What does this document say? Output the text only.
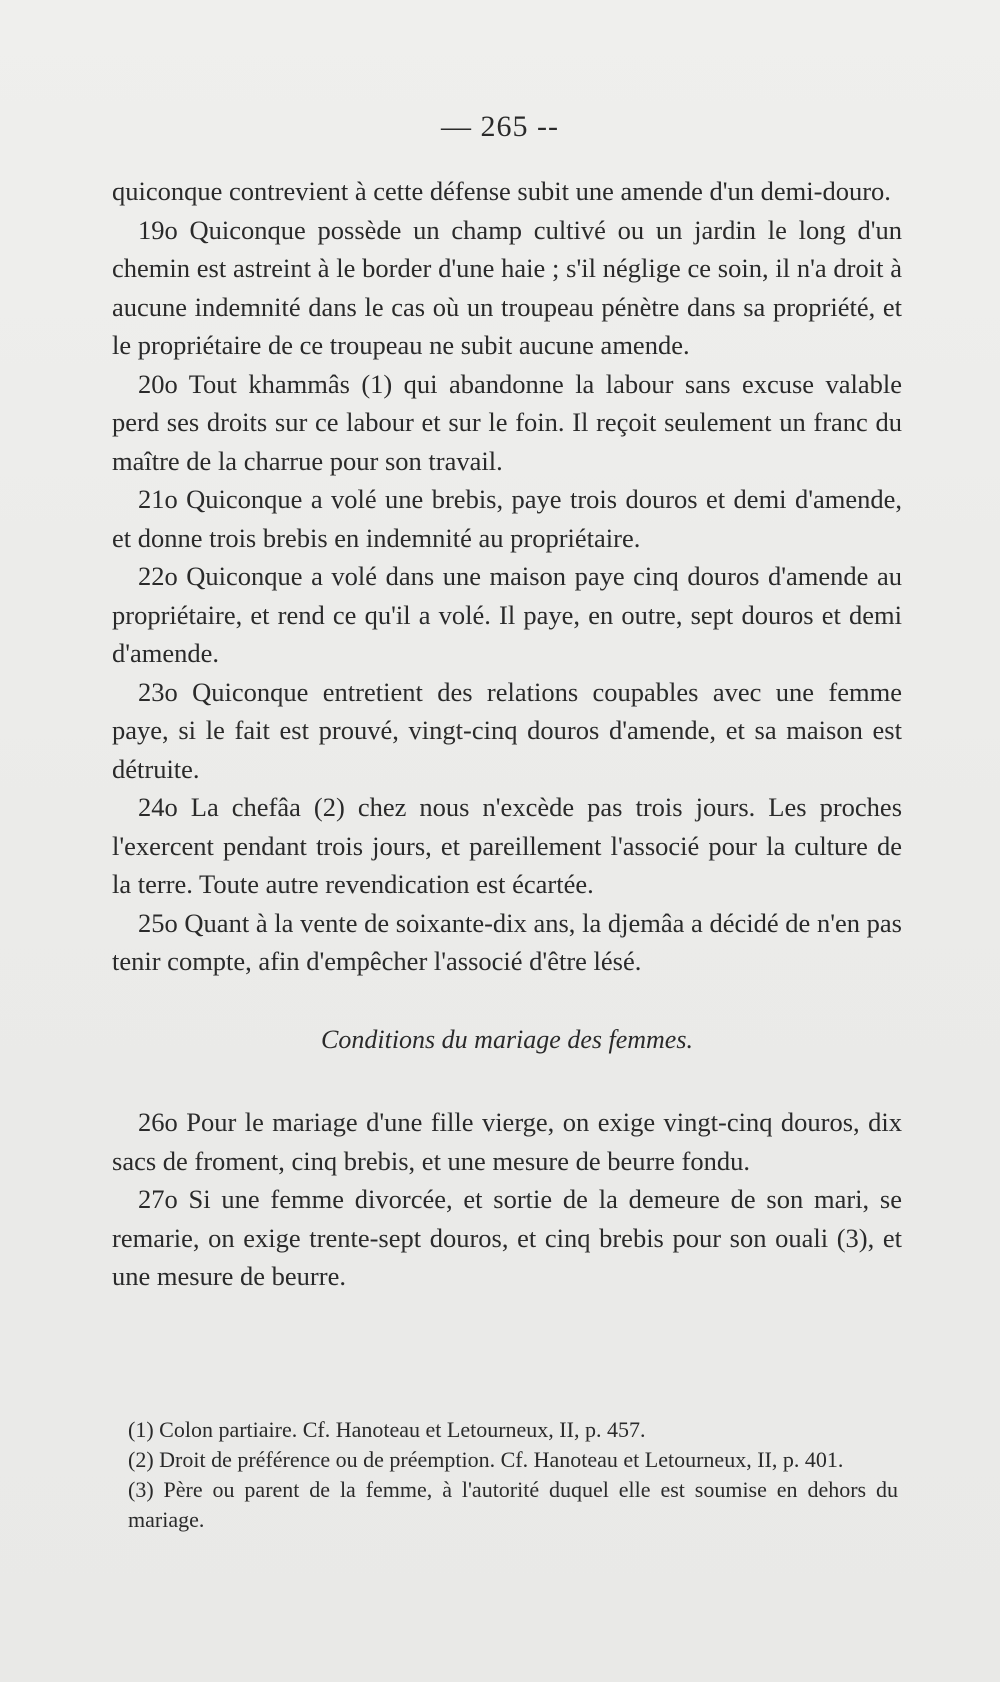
— 265 --

quiconque contrevient à cette défense subit une amende d'un demi-douro.

19o Quiconque possède un champ cultivé ou un jardin le long d'un chemin est astreint à le border d'une haie ; s'il néglige ce soin, il n'a droit à aucune indemnité dans le cas où un troupeau pénètre dans sa propriété, et le propriétaire de ce troupeau ne subit aucune amende.

20o Tout khammâs (1) qui abandonne la labour sans excuse valable perd ses droits sur ce labour et sur le foin. Il reçoit seulement un franc du maître de la charrue pour son travail.

21o Quiconque a volé une brebis, paye trois douros et demi d'amende, et donne trois brebis en indemnité au propriétaire.

22o Quiconque a volé dans une maison paye cinq douros d'amende au propriétaire, et rend ce qu'il a volé. Il paye, en outre, sept douros et demi d'amende.

23o Quiconque entretient des relations coupables avec une femme paye, si le fait est prouvé, vingt-cinq douros d'amende, et sa maison est détruite.

24o La chefâa (2) chez nous n'excède pas trois jours. Les proches l'exercent pendant trois jours, et pareillement l'associé pour la culture de la terre. Toute autre revendication est écartée.

25o Quant à la vente de soixante-dix ans, la djemâa a décidé de n'en pas tenir compte, afin d'empêcher l'associé d'être lésé.

Conditions du mariage des femmes.

26o Pour le mariage d'une fille vierge, on exige vingt-cinq douros, dix sacs de froment, cinq brebis, et une mesure de beurre fondu.

27o Si une femme divorcée, et sortie de la demeure de son mari, se remarie, on exige trente-sept douros, et cinq brebis pour son ouali (3), et une mesure de beurre.

(1) Colon partiaire. Cf. Hanoteau et Letourneux, II, p. 457.

(2) Droit de préférence ou de préemption. Cf. Hanoteau et Letourneux, II, p. 401.

(3) Père ou parent de la femme, à l'autorité duquel elle est soumise en dehors du mariage.
